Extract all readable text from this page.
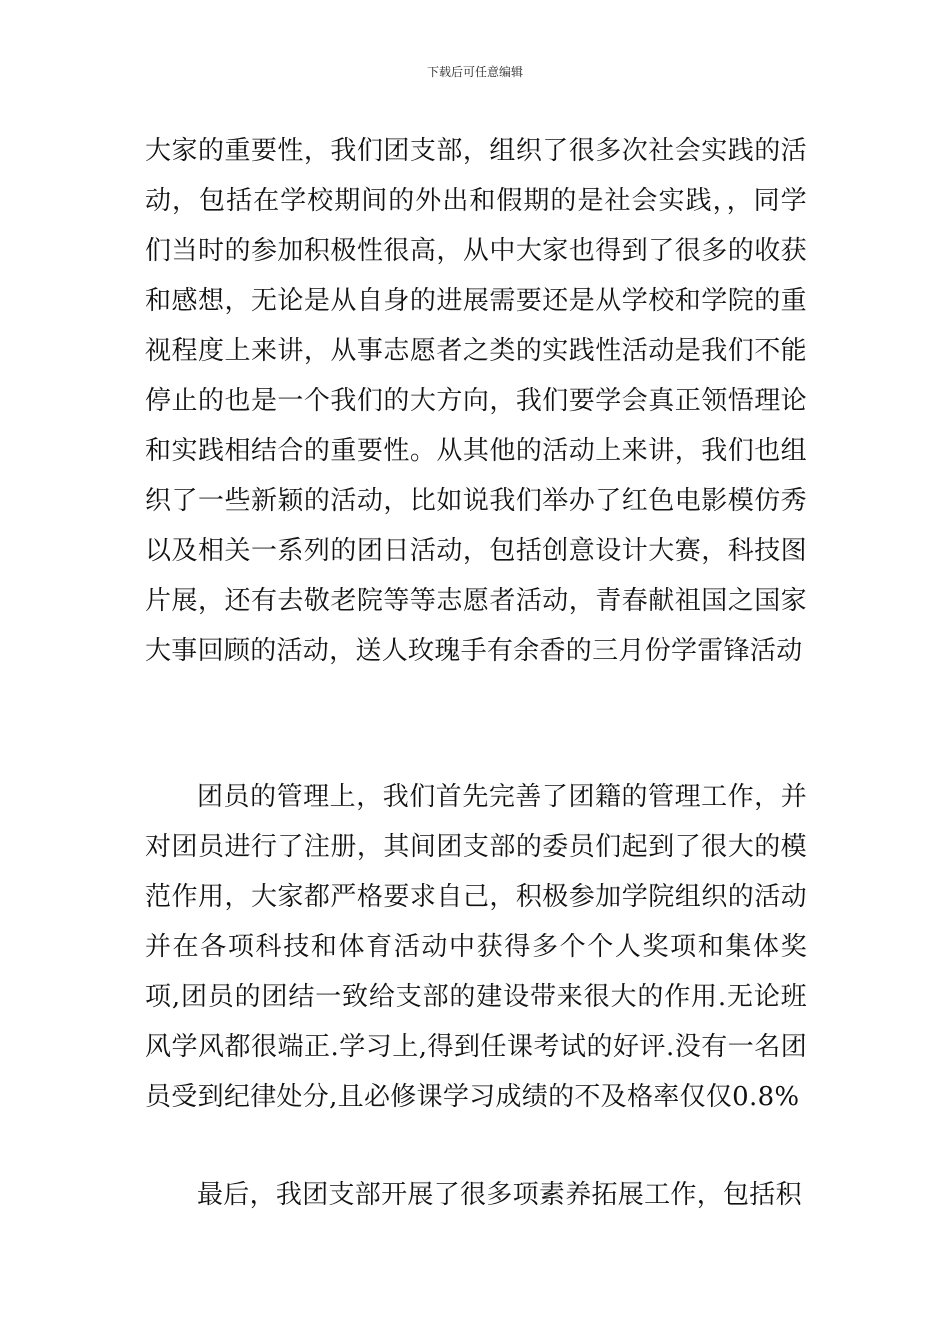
下载后可任意编辑

大家的重要性，我们团支部，组织了很多次社会实践的活动，包括在学校期间的外出和假期的是社会实践，，同学们当时的参加积极性很高，从中大家也得到了很多的收获和感想，无论是从自身的进展需要还是从学校和学院的重视程度上来讲，从事志愿者之类的实践性活动是我们不能停止的也是一个我们的大方向，我们要学会真正领悟理论和实践相结合的重要性。从其他的活动上来讲，我们也组织了一些新颖的活动，比如说我们举办了红色电影模仿秀以及相关一系列的团日活动，包括创意设计大赛，科技图片展，还有去敬老院等等志愿者活动，青春献祖国之国家大事回顾的活动，送人玫瑰手有余香的三月份学雷锋活动

团员的管理上，我们首先完善了团籍的管理工作，并对团员进行了注册，其间团支部的委员们起到了很大的模范作用，大家都严格要求自己，积极参加学院组织的活动并在各项科技和体育活动中获得多个个人奖项和集体奖项,团员的团结一致给支部的建设带来很大的作用.无论班风学风都很端正.学习上,得到任课考试的好评.没有一名团员受到纪律处分,且必修课学习成绩的不及格率仅仅0.8%

最后，我团支部开展了很多项素养拓展工作，包括积
